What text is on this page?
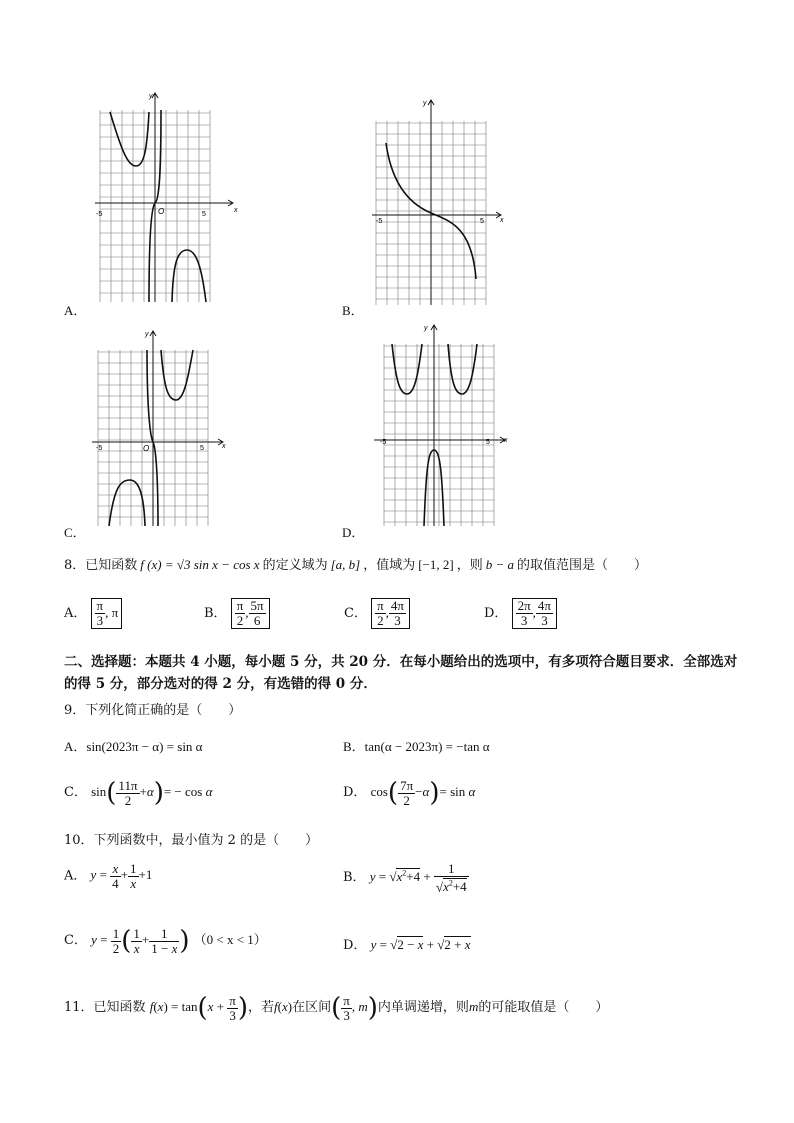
-5	5
O
y
x
A．
-5	5
y
x
B．
-5	5
O
y
x
C．
-5	5
y
x
D．
8．已知函数 f (x) = √3 sin x − cos x 的定义域为 [a, b] ，值域为 [−1, 2] ，则 b − a 的取值范围是（　　）
A． $\frac{\pi}{3}$ , π	B． $\frac{\pi}{2}$ , $\frac{5\pi}{6}$	C． $\frac{\pi}{2}$ , $\frac{4\pi}{3}$	D． $\frac{2\pi}{3}$ , $\frac{4\pi}{3}$
二、选择题：本题共 4 小题，每小题 5 分，共 20 分．在每小题给出的选项中，有多项符合题目要求．全部选对的得 5 分，部分选对的得 2 分，有选错的得 0 分．
9．下列化简正确的是（　　）
A．sin(2023π − α) = sin α	B．tan(α − 2023π) = −tan α
C． $\sin( \frac{11\pi}{2} +\alpha)= - \cos \alpha$	D． $\cos( \frac{7\pi}{2} -\alpha)= \sin \alpha$
10．下列函数中，最小值为 2 的是（　　）
A． $y = \frac{x}{4} + \frac{1}{x} +1$	B． $y = √x^2+4 + \frac{1}{√x^2+4}$
C． $y = \frac{1}{2}$ ( $\frac{1}{x} + \frac{1}{1 - x}$ ) （0 < x < 1）	D． y = √2 − x + √2 + x
11．已知函数 $f(x) = \tan(x + \frac{\pi}{3}$ )，若f(x)在区间( $\frac{\pi}{3}$ , m)内单调递增，则m的可能取值是（　　）
